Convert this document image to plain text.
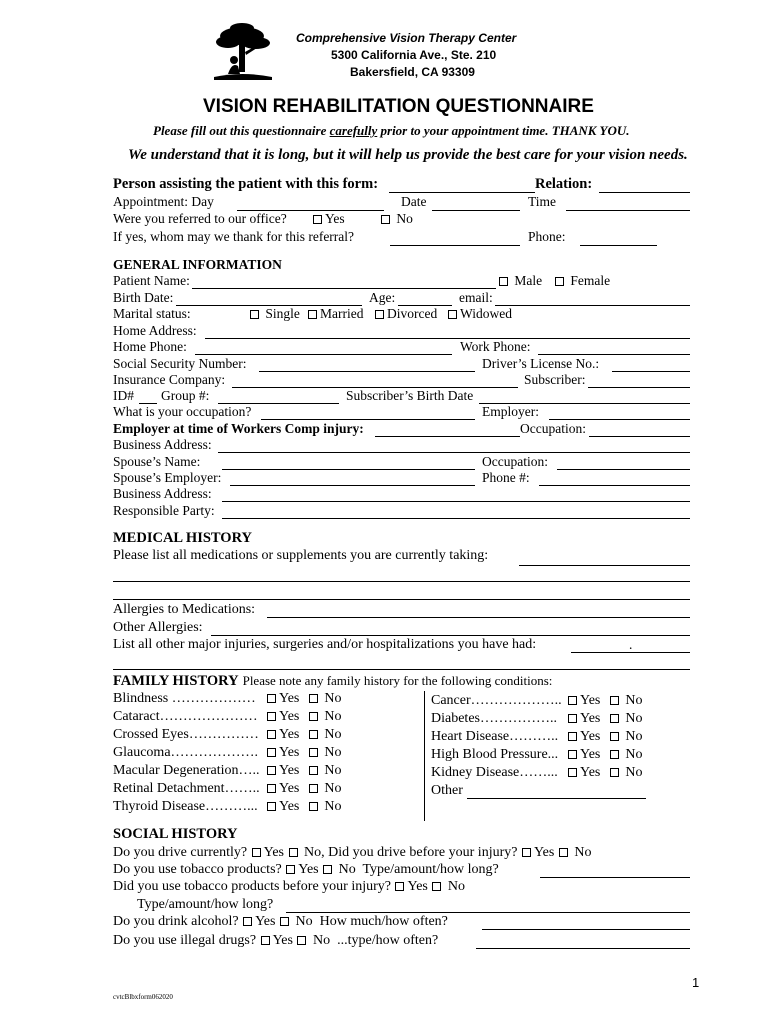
Comprehensive Vision Therapy Center
5300 California Ave., Ste. 210
Bakersfield, CA 93309
VISION REHABILITATION QUESTIONNAIRE
Please fill out this questionnaire carefully prior to your appointment time. THANK YOU.
We understand that it is long, but it will help us provide the best care for your vision needs.
Person assisting the patient with this form:	Relation:
Appointment: Day	Date	Time
Were you referred to our office?	Yes	No
If yes, whom may we thank for this referral?	Phone:
GENERAL INFORMATION
Patient Name:	Male	Female
Birth Date:	Age:	email:
Marital status:	Single	Married	Divorced	Widowed
Home Address:
Home Phone:	Work Phone:
Social Security Number:	Driver’s License No.:
Insurance Company:	Subscriber:
ID# Group #:	Subscriber’s Birth Date
What is your occupation?	Employer:
Employer at time of Workers Comp injury:	Occupation:
Business Address:
Spouse’s Name:	Occupation:
Spouse’s Employer:	Phone #:
Business Address:
Responsible Party:
MEDICAL HISTORY
Please list all medications or supplements you are currently taking:
Allergies to Medications:
Other Allergies:
List all other major injuries, surgeries and/or hospitalizations you have had:	.
FAMILY HISTORY Please note any family history for the following conditions:
Blindness ……………… Yes No
Cataract………………… Yes No
Crossed Eyes…………… Yes No
Glaucoma………………. Yes No
Macular Degeneration….. Yes No
Retinal Detachment…….. Yes No
Thyroid Disease………... Yes No
Cancer……………….. Yes No
Diabetes…………….. Yes No
Heart Disease……….. Yes No
High Blood Pressure... Yes No
Kidney Disease……... Yes No
Other
SOCIAL HISTORY
Do you drive currently? Yes No, Did you drive before your injury? Yes No
Do you use tobacco products? Yes No Type/amount/how long?
Did you use tobacco products before your injury? Yes No
Type/amount/how long?
Do you drink alcohol? Yes No How much/how often?
Do you use illegal drugs? Yes No ...type/how often?
1
cvtcBlbxform062020
